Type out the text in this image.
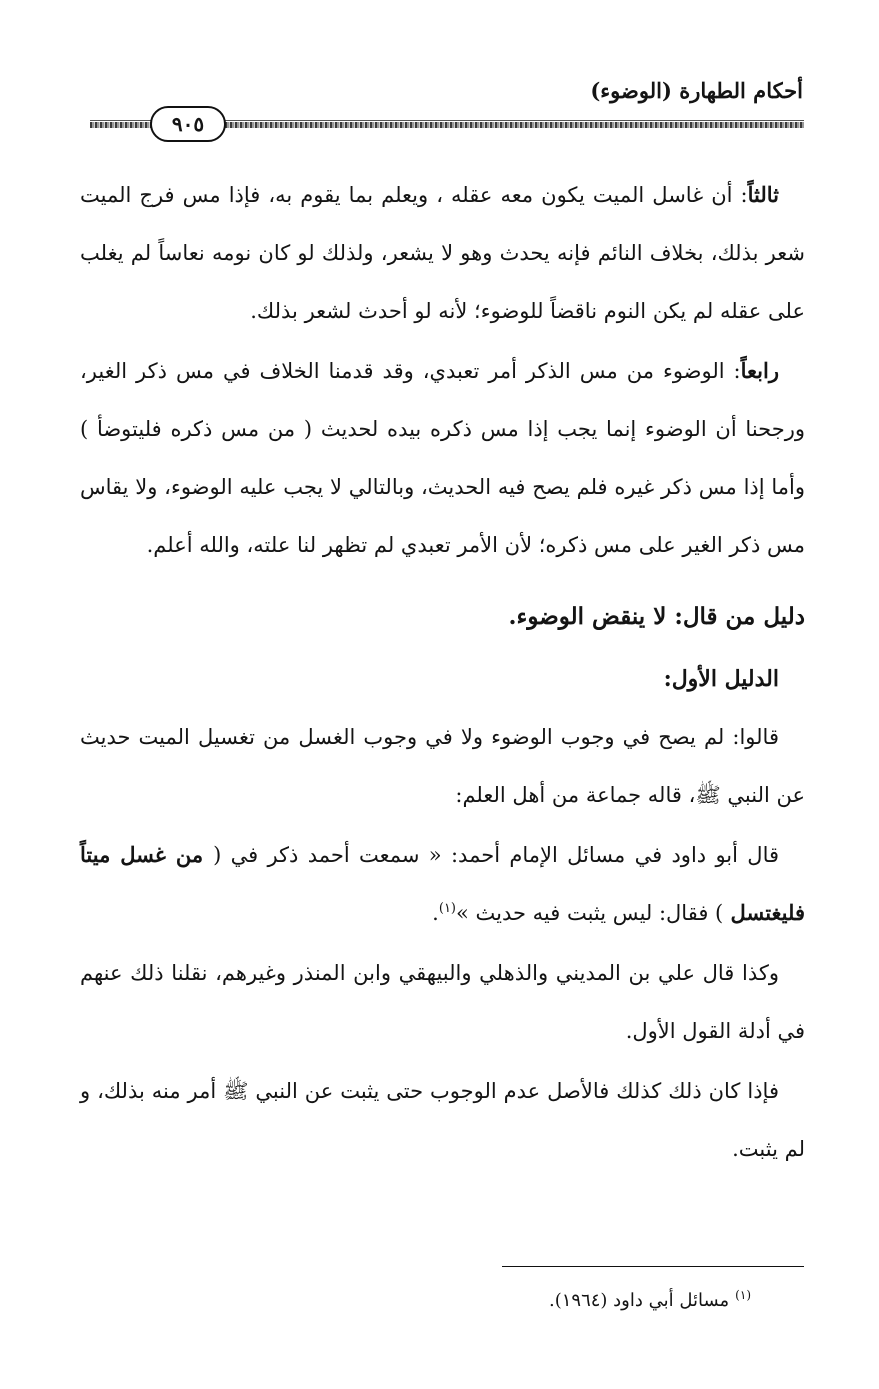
أحكام الطهارة (الوضوء)
٩٠٥

ثالثاً: أن غاسل الميت يكون معه عقله ، ويعلم بما يقوم به، فإذا مس فرج الميت شعر بذلك، بخلاف النائم فإنه يحدث وهو لا يشعر، ولذلك لو كان نومه نعاساً لم يغلب على عقله لم يكن النوم ناقضاً للوضوء؛ لأنه لو أحدث لشعر بذلك.

رابعاً: الوضوء من مس الذكر أمر تعبدي، وقد قدمنا الخلاف في مس ذكر الغير، ورجحنا أن الوضوء إنما يجب إذا مس ذكره بيده لحديث ( من مس ذكره فليتوضأ ) وأما إذا مس ذكر غيره فلم يصح فيه الحديث، وبالتالي لا يجب عليه الوضوء، ولا يقاس مس ذكر الغير على مس ذكره؛ لأن الأمر تعبدي لم تظهر لنا علته، والله أعلم.

دليل من قال: لا ينقض الوضوء.
الدليل الأول:

قالوا: لم يصح في وجوب الوضوء ولا في وجوب الغسل من تغسيل الميت حديث عن النبي ﷺ، قاله جماعة من أهل العلم:

قال أبو داود في مسائل الإمام أحمد: « سمعت أحمد ذكر في ( من غسل ميتاً فليغتسل ) فقال: ليس يثبت فيه حديث »$^{(١)}$.

وكذا قال علي بن المديني والذهلي والبيهقي وابن المنذر وغيرهم، نقلنا ذلك عنهم في أدلة القول الأول.

فإذا كان ذلك كذلك فالأصل عدم الوجوب حتى يثبت عن النبي ﷺ أمر منه بذلك، و لم يثبت.

$^{(١)}$مسائل أبي داود (١٩٦٤).
